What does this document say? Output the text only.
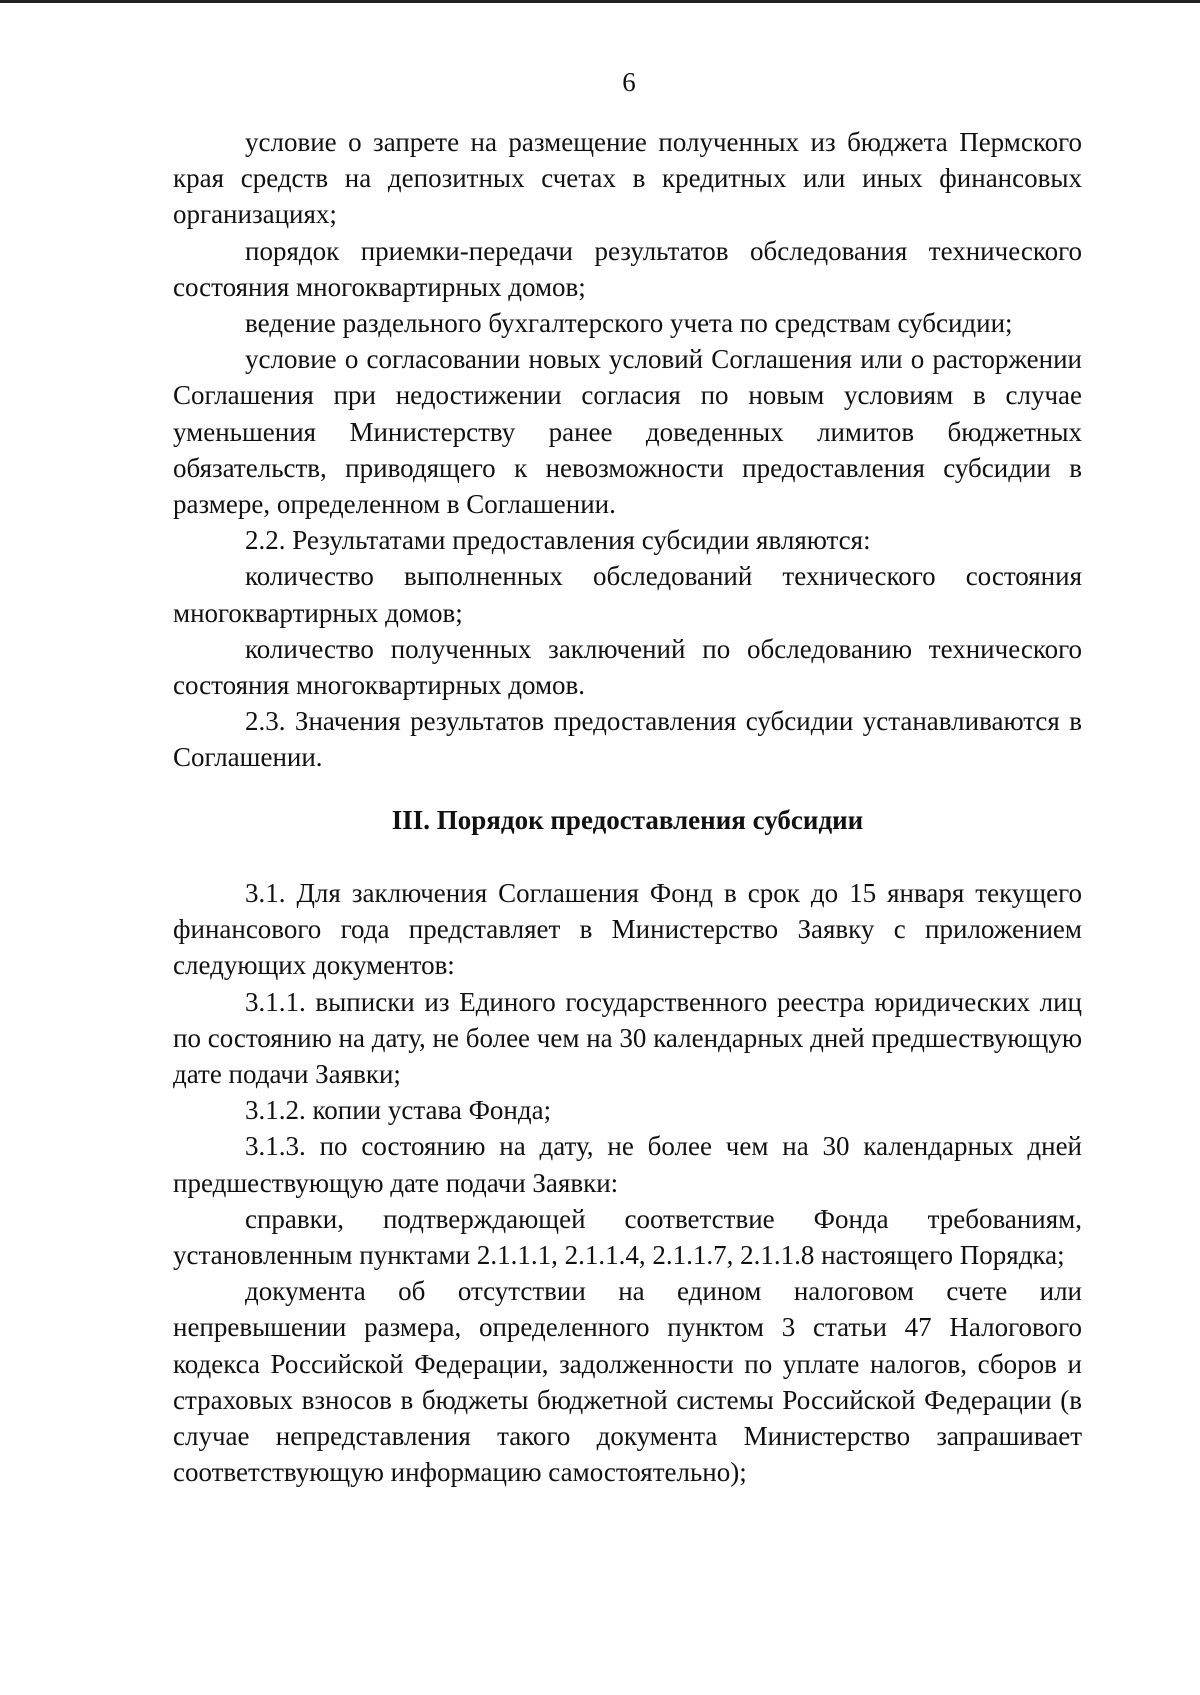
6

условие о запрете на размещение полученных из бюджета Пермского края средств на депозитных счетах в кредитных или иных финансовых организациях;

порядок приемки-передачи результатов обследования технического состояния многоквартирных домов;

ведение раздельного бухгалтерского учета по средствам субсидии;

условие о согласовании новых условий Соглашения или о расторжении Соглашения при недостижении согласия по новым условиям в случае уменьшения Министерству ранее доведенных лимитов бюджетных обязательств, приводящего к невозможности предоставления субсидии в размере, определенном в Соглашении.

2.2. Результатами предоставления субсидии являются:

количество выполненных обследований технического состояния многоквартирных домов;

количество полученных заключений по обследованию технического состояния многоквартирных домов.

2.3. Значения результатов предоставления субсидии устанавливаются в Соглашении.

III. Порядок предоставления субсидии

3.1. Для заключения Соглашения Фонд в срок до 15 января текущего финансового года представляет в Министерство Заявку с приложением следующих документов:

3.1.1. выписки из Единого государственного реестра юридических лиц по состоянию на дату, не более чем на 30 календарных дней предшествующую дате подачи Заявки;

3.1.2. копии устава Фонда;

3.1.3. по состоянию на дату, не более чем на 30 календарных дней предшествующую дате подачи Заявки:

справки, подтверждающей соответствие Фонда требованиям, установленным пунктами 2.1.1.1, 2.1.1.4, 2.1.1.7, 2.1.1.8 настоящего Порядка;

документа об отсутствии на едином налоговом счете или непревышении размера, определенного пунктом 3 статьи 47 Налогового кодекса Российской Федерации, задолженности по уплате налогов, сборов и страховых взносов в бюджеты бюджетной системы Российской Федерации (в случае непредставления такого документа Министерство запрашивает соответствующую информацию самостоятельно);
